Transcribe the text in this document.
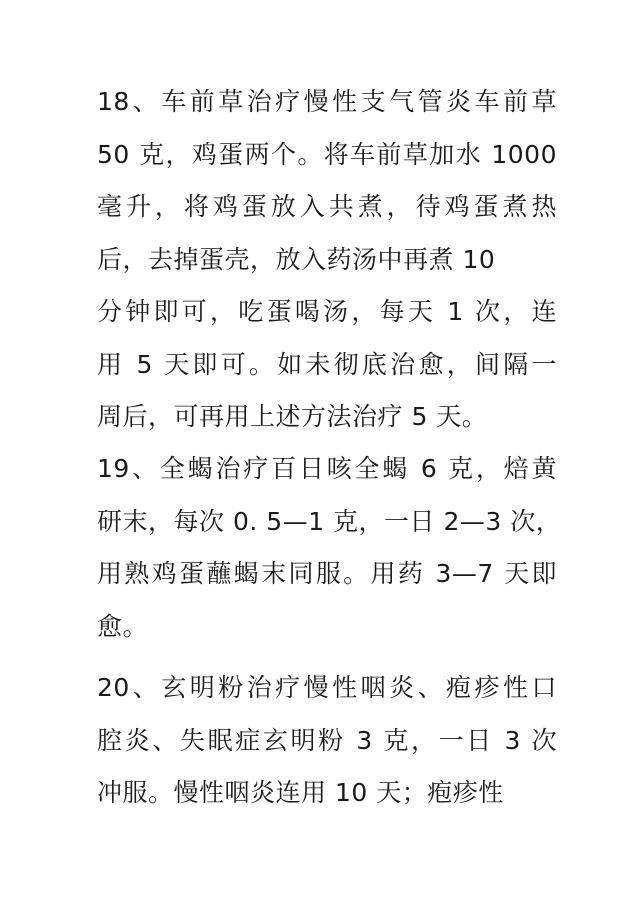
18、车前草治疗慢性支气管炎车前草
50 克，鸡蛋两个。将车前草加水 1000
毫升，将鸡蛋放入共煮，待鸡蛋煮热
后，去掉蛋壳，放入药汤中再煮 10
分钟即可，吃蛋喝汤，每天 1 次，连
用 5 天即可。如未彻底治愈，间隔一
周后，可再用上述方法治疗 5 天。
19、全蝎治疗百日咳全蝎 6 克，焙黄
研末，每次 0. 5—1 克，一日 2—3 次，
用熟鸡蛋蘸蝎末同服。用药 3—7 天即
愈。
20、玄明粉治疗慢性咽炎、疱疹性口
腔炎、失眠症玄明粉 3 克，一日 3 次
冲服。慢性咽炎连用 10 天；疱疹性
